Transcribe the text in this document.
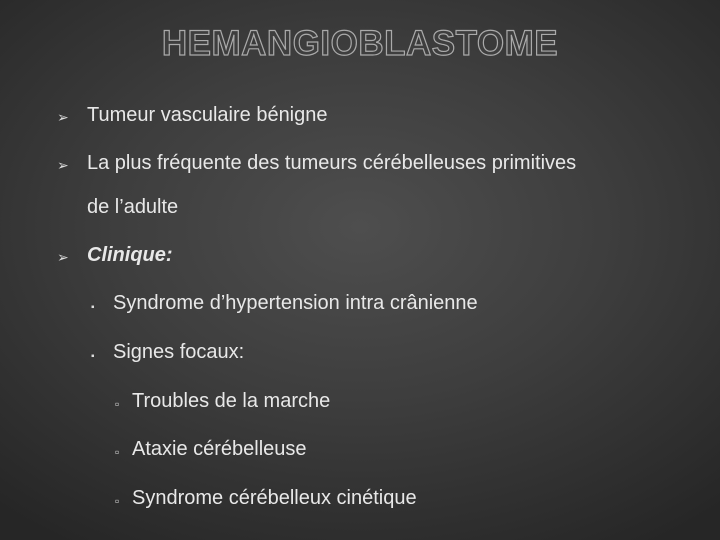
HEMANGIOBLASTOME
➢ Tumeur vasculaire bénigne
➢ La plus fréquente des tumeurs cérébelleuses primitives
de l’adulte
➢ Clinique:
▪ Syndrome d’hypertension intra crânienne
▪ Signes focaux:
▫ Troubles de la marche
▫ Ataxie cérébelleuse
▫ Syndrome cérébelleux cinétique
